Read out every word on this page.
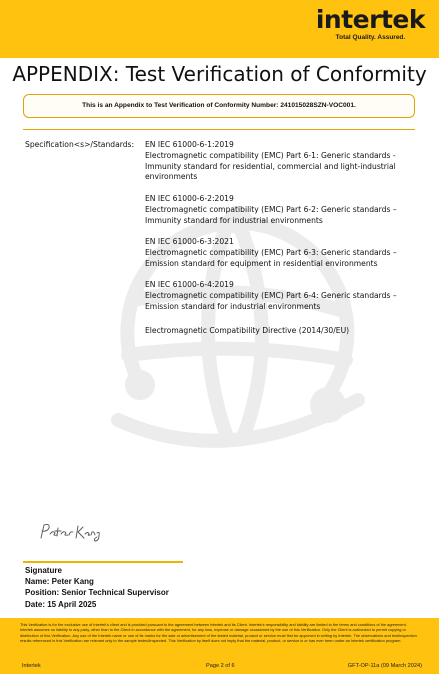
intertek
Total Quality. Assured.
APPENDIX: Test Verification of Conformity
This is an Appendix to Test Verification of Conformity Number: 241015028SZN-VOC001.
Specification<s>/Standards: EN IEC 61000-6-1:2019
Electromagnetic compatibility (EMC) Part 6-1: Generic standards - Immunity standard for residential, commercial and light-industrial environments
EN IEC 61000-6-2:2019
Electromagnetic compatibility (EMC) Part 6-2: Generic standards – Immunity standard for industrial environments
EN IEC 61000-6-3:2021
Electromagnetic compatibility (EMC) Part 6-3: Generic standards – Emission standard for equipment in residential environments
EN IEC 61000-6-4:2019
Electromagnetic compatibility (EMC) Part 6-4: Generic standards – Emission standard for industrial environments
Electromagnetic Compatibility Directive (2014/30/EU)
Signature
Name: Peter Kang
Position: Senior Technical Supervisor
Date: 15 April 2025
This Verification is for the exclusive use of Intertek's client and is provided pursuant to the agreement between Intertek and its Client. Intertek's responsibility and liability are limited to the terms and conditions of the agreement. Intertek assumes no liability to any party, other than to the Client in accordance with the agreement, for any loss, expense or damage occasioned by the use of this Verification. Only the Client is authorized to permit copying or distribution of this Verification. Any use of the Intertek name or one of its marks for the sale or advertisement of the tested material, product or service must first be approved in writing by Intertek. The observations and test/inspection results referenced in this Verification are relevant only to the sample tested/inspected. This Verification by itself does not imply that the material, product, or service is or has ever been under an Intertek certification program.
Intertek	Page 2 of 6	GFT-OP-11a (09 March 2024)
